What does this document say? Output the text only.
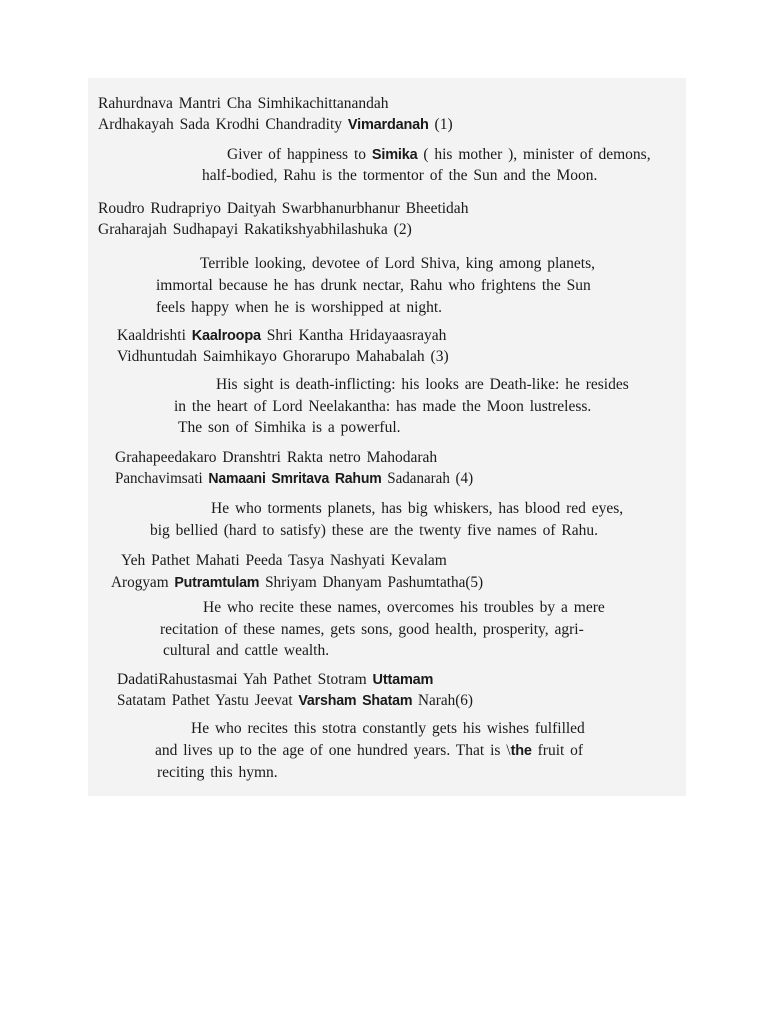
Rahurdnava Mantri Cha Simhikachittanandah
Ardhakayah Sada Krodhi Chandradity Vimardanah (1)
Giver of happiness to Simika ( his mother ), minister of demons,
half-bodied, Rahu is the tormentor of the Sun and the Moon.
Roudro Rudrapriyo Daityah Swarbhanurbhanur Bheetidah
Graharajah Sudhapayi Rakatikshyabhilashuka (2)
Terrible looking, devotee of Lord Shiva, king among planets,
immortal because he has drunk nectar, Rahu who frightens the Sun
feels happy when he is worshipped at night.
Kaaldrishti Kaalroopa Shri Kantha Hridayaasrayah
Vidhuntudah Saimhikayo Ghorarupo Mahabalah (3)
His sight is death-inflicting: his looks are Death-like: he resides
in the heart of Lord Neelakantha: has made the Moon lustreless.
The son of Simhika is a powerful.
Grahapeedakaro Dranshtri Rakta netro Mahodarah
Panchavimsati Namaani Smritava Rahum Sadanarah (4)
He who torments planets, has big whiskers, has blood red eyes,
big bellied (hard to satisfy) these are the twenty five names of Rahu.
Yeh Pathet Mahati Peeda Tasya Nashyati Kevalam
Arogyam Putramtulam Shriyam Dhanyam Pashumtatha(5)
He who recite these names, overcomes his troubles by a mere
recitation of these names, gets sons, good health, prosperity, agri-
cultural and cattle wealth.
DadatiRahustasmai Yah Pathet Stotram Uttamam
Satatam Pathet Yastu Jeevat Varsham Shatam Narah(6)
He who recites this stotra constantly gets his wishes fulfilled
and lives up to the age of one hundred years. That is \the fruit of
reciting this hymn.
